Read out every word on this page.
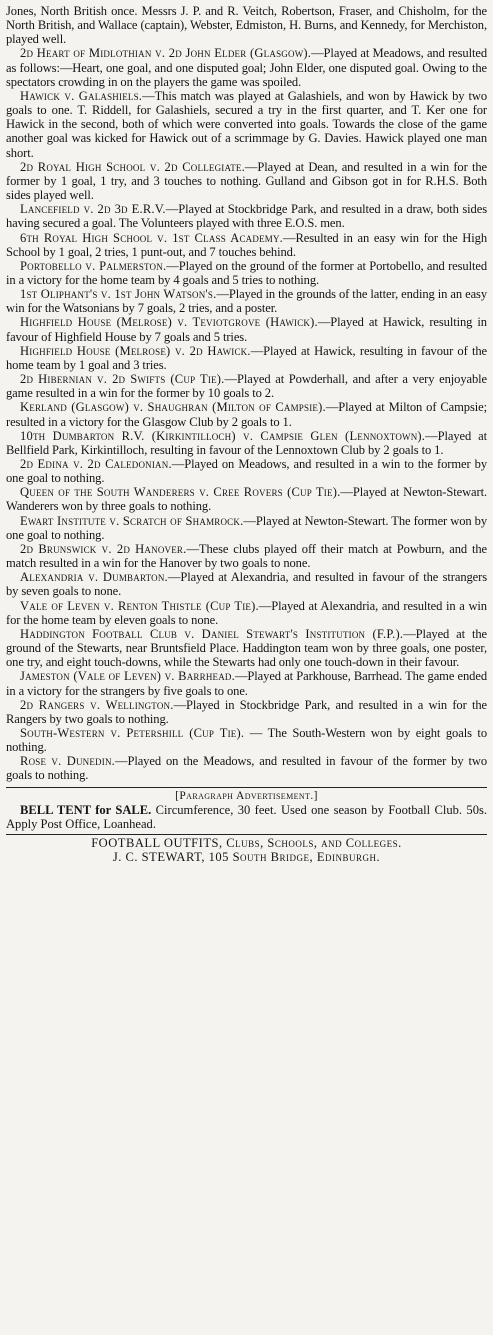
Jones, North British once. Messrs J. P. and R. Veitch, Robertson, Fraser, and Chisholm, for the North British, and Wallace (captain), Webster, Edmiston, H. Burns, and Kennedy, for Merchiston, played well.

2d Heart of Midlothian v. 2d John Elder (Glasgow).—Played at Meadows, and resulted as follows:—Heart, one goal, and one disputed goal; John Elder, one disputed goal. Owing to the spectators crowding in on the players the game was spoiled.

Hawick v. Galashiels.—This match was played at Galashiels, and won by Hawick by two goals to one. T. Riddell, for Galashiels, secured a try in the first quarter, and T. Ker one for Hawick in the second, both of which were converted into goals. Towards the close of the game another goal was kicked for Hawick out of a scrimmage by G. Davies. Hawick played one man short.

2d Royal High School v. 2d Collegiate.—Played at Dean, and resulted in a win for the former by 1 goal, 1 try, and 3 touches to nothing. Gulland and Gibson got in for R.H.S. Both sides played well.

Lancefield v. 2d 3d E.R.V.—Played at Stockbridge Park, and resulted in a draw, both sides having secured a goal. The Volunteers played with three E.O.S. men.

6th Royal High School v. 1st Class Academy.—Resulted in an easy win for the High School by 1 goal, 2 tries, 1 punt-out, and 7 touches behind.

Portobello v. Palmerston.—Played on the ground of the former at Portobello, and resulted in a victory for the home team by 4 goals and 5 tries to nothing.

1st Oliphant's v. 1st John Watson's.—Played in the grounds of the latter, ending in an easy win for the Watsonians by 7 goals, 2 tries, and a poster.

Highfield House (Melrose) v. Teviotgrove (Hawick).—Played at Hawick, resulting in favour of Highfield House by 7 goals and 5 tries.

Highfield House (Melrose) v. 2d Hawick.—Played at Hawick, resulting in favour of the home team by 1 goal and 3 tries.

2d Hibernian v. 2d Swifts (Cup Tie).—Played at Powderhall, and after a very enjoyable game resulted in a win for the former by 10 goals to 2.

Kerland (Glasgow) v. Shaughran (Milton of Campsie).—Played at Milton of Campsie; resulted in a victory for the Glasgow Club by 2 goals to 1.

10th Dumbarton R.V. (Kirkintilloch) v. Campsie Glen (Lennoxtown).—Played at Bellfield Park, Kirkintilloch, resulting in favour of the Lennoxtown Club by 2 goals to 1.

2d Edina v. 2d Caledonian.—Played on Meadows, and resulted in a win to the former by one goal to nothing.

Queen of the South Wanderers v. Cree Rovers (Cup Tie).—Played at Newton-Stewart. Wanderers won by three goals to nothing.

Ewart Institute v. Scratch of Shamrock.—Played at Newton-Stewart. The former won by one goal to nothing.

2d Brunswick v. 2d Hanover.—These clubs played off their match at Powburn, and the match resulted in a win for the Hanover by two goals to none.

Alexandria v. Dumbarton.—Played at Alexandria, and resulted in favour of the strangers by seven goals to none.

Vale of Leven v. Renton Thistle (Cup Tie).—Played at Alexandria, and resulted in a win for the home team by eleven goals to none.

Haddington Football Club v. Daniel Stewart's Institution (F.P.).—Played at the ground of the Stewarts, near Bruntsfield Place. Haddington team won by three goals, one poster, one try, and eight touch-downs, while the Stewarts had only one touch-down in their favour.

Jameston (Vale of Leven) v. Barrhead.—Played at Parkhouse, Barrhead. The game ended in a victory for the strangers by five goals to one.

2d Rangers v. Wellington.—Played in Stockbridge Park, and resulted in a win for the Rangers by two goals to nothing.

South-Western v. Petershill (Cup Tie). — The South-Western won by eight goals to nothing.

Rose v. Dunedin.—Played on the Meadows, and resulted in favour of the former by two goals to nothing.

[Paragraph Advertisement.]

BELL TENT for SALE. Circumference, 30 feet. Used one season by Football Club. 50s. Apply Post Office, Loanhead.

FOOTBALL OUTFITS, Clubs, Schools, and Colleges.

J. C. STEWART, 105 South Bridge, Edinburgh.
